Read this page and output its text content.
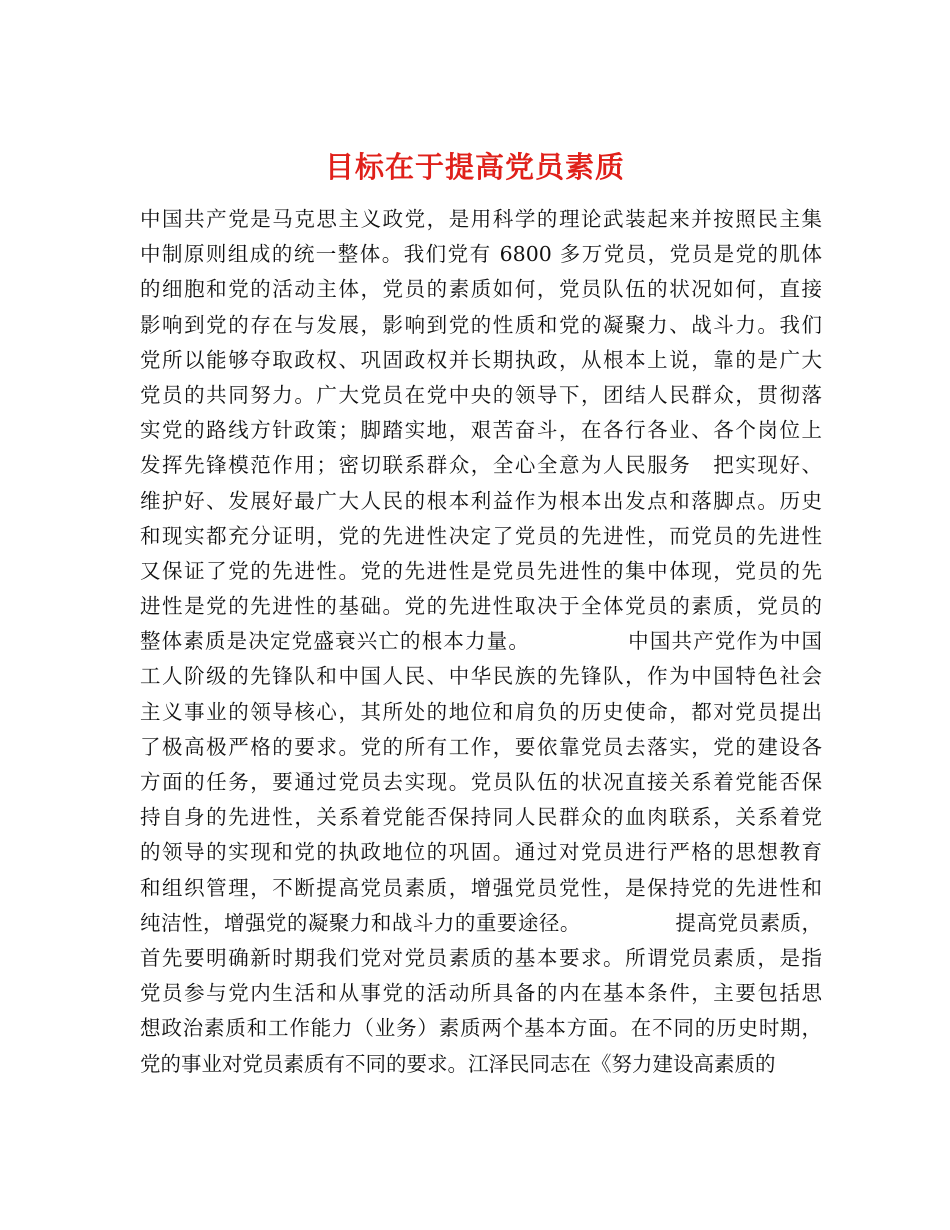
目标在于提高党员素质
中国共产党是马克思主义政党，是用科学的理论武装起来并按照民主集
中制原则组成的统一整体。我们党有 6800 多万党员，党员是党的肌体
的细胞和党的活动主体，党员的素质如何，党员队伍的状况如何，直接
影响到党的存在与发展，影响到党的性质和党的凝聚力、战斗力。我们
党所以能够夺取政权、巩固政权并长期执政，从根本上说，靠的是广大
党员的共同努力。广大党员在党中央的领导下，团结人民群众，贯彻落
实党的路线方针政策；脚踏实地，艰苦奋斗，在各行各业、各个岗位上
发挥先锋模范作用；密切联系群众，全心全意为人民服务　把实现好、
维护好、发展好最广大人民的根本利益作为根本出发点和落脚点。历史
和现实都充分证明，党的先进性决定了党员的先进性，而党员的先进性
又保证了党的先进性。党的先进性是党员先进性的集中体现，党员的先
进性是党的先进性的基础。党的先进性取决于全体党员的素质，党员的
整体素质是决定党盛衰兴亡的根本力量。　　　　　中国共产党作为中国
工人阶级的先锋队和中国人民、中华民族的先锋队，作为中国特色社会
主义事业的领导核心，其所处的地位和肩负的历史使命，都对党员提出
了极高极严格的要求。党的所有工作，要依靠党员去落实，党的建设各
方面的任务，要通过党员去实现。党员队伍的状况直接关系着党能否保
持自身的先进性，关系着党能否保持同人民群众的血肉联系，关系着党
的领导的实现和党的执政地位的巩固。通过对党员进行严格的思想教育
和组织管理，不断提高党员素质，增强党员党性，是保持党的先进性和
纯洁性，增强党的凝聚力和战斗力的重要途径。　　　　　提高党员素质，
首先要明确新时期我们党对党员素质的基本要求。所谓党员素质，是指
党员参与党内生活和从事党的活动所具备的内在基本条件，主要包括思
想政治素质和工作能力（业务）素质两个基本方面。在不同的历史时期，
党的事业对党员素质有不同的要求。江泽民同志在《努力建设高素质的
